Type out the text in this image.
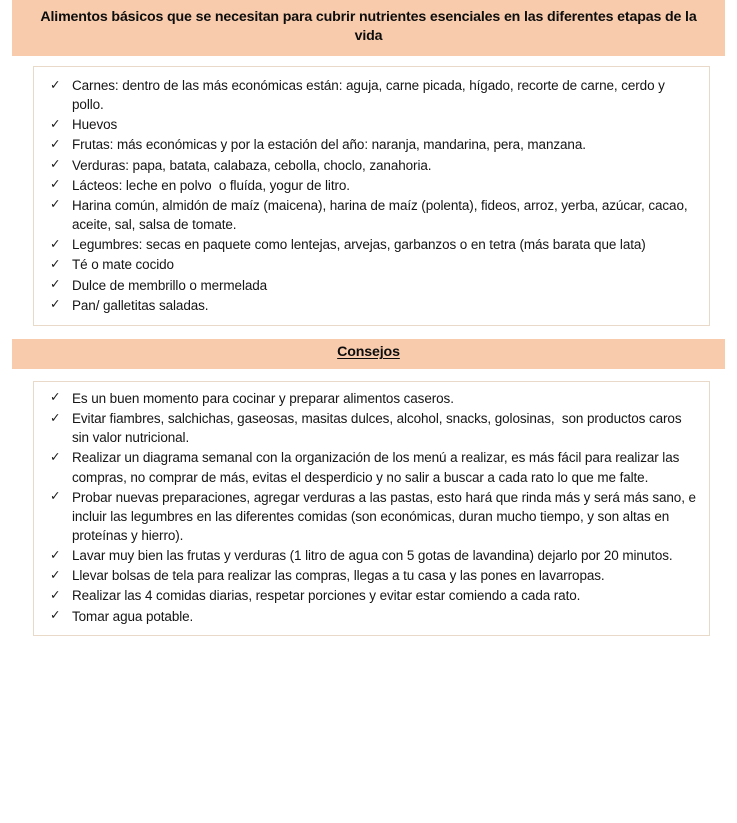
Alimentos básicos que se necesitan para cubrir nutrientes esenciales en las diferentes etapas de la vida
✓ Carnes: dentro de las más económicas están: aguja, carne picada, hígado, recorte de carne, cerdo y pollo.
✓ Huevos
✓ Frutas: más económicas y por la estación del año: naranja, mandarina, pera, manzana.
✓ Verduras: papa, batata, calabaza, cebolla, choclo, zanahoria.
✓ Lácteos: leche en polvo  o fluída, yogur de litro.
✓ Harina común, almidón de maíz (maicena), harina de maíz (polenta), fideos, arroz, yerba, azúcar, cacao, aceite, sal, salsa de tomate.
✓ Legumbres: secas en paquete como lentejas, arvejas, garbanzos o en tetra (más barata que lata)
✓ Té o mate cocido
✓ Dulce de membrillo o mermelada
✓ Pan/ galletitas saladas.
Consejos
✓ Es un buen momento para cocinar y preparar alimentos caseros.
✓ Evitar fiambres, salchichas, gaseosas, masitas dulces, alcohol, snacks, golosinas,  son productos caros sin valor nutricional.
✓ Realizar un diagrama semanal con la organización de los menú a realizar, es más fácil para realizar las compras, no comprar de más, evitas el desperdicio y no salir a buscar a cada rato lo que me falte.
✓ Probar nuevas preparaciones, agregar verduras a las pastas, esto hará que rinda más y será más sano, e incluir las legumbres en las diferentes comidas (son económicas, duran mucho tiempo, y son altas en proteínas y hierro).
✓ Lavar muy bien las frutas y verduras (1 litro de agua con 5 gotas de lavandina) dejarlo por 20 minutos.
✓ Llevar bolsas de tela para realizar las compras, llegas a tu casa y las pones en lavarropas.
✓ Realizar las 4 comidas diarias, respetar porciones y evitar estar comiendo a cada rato.
✓ Tomar agua potable.
